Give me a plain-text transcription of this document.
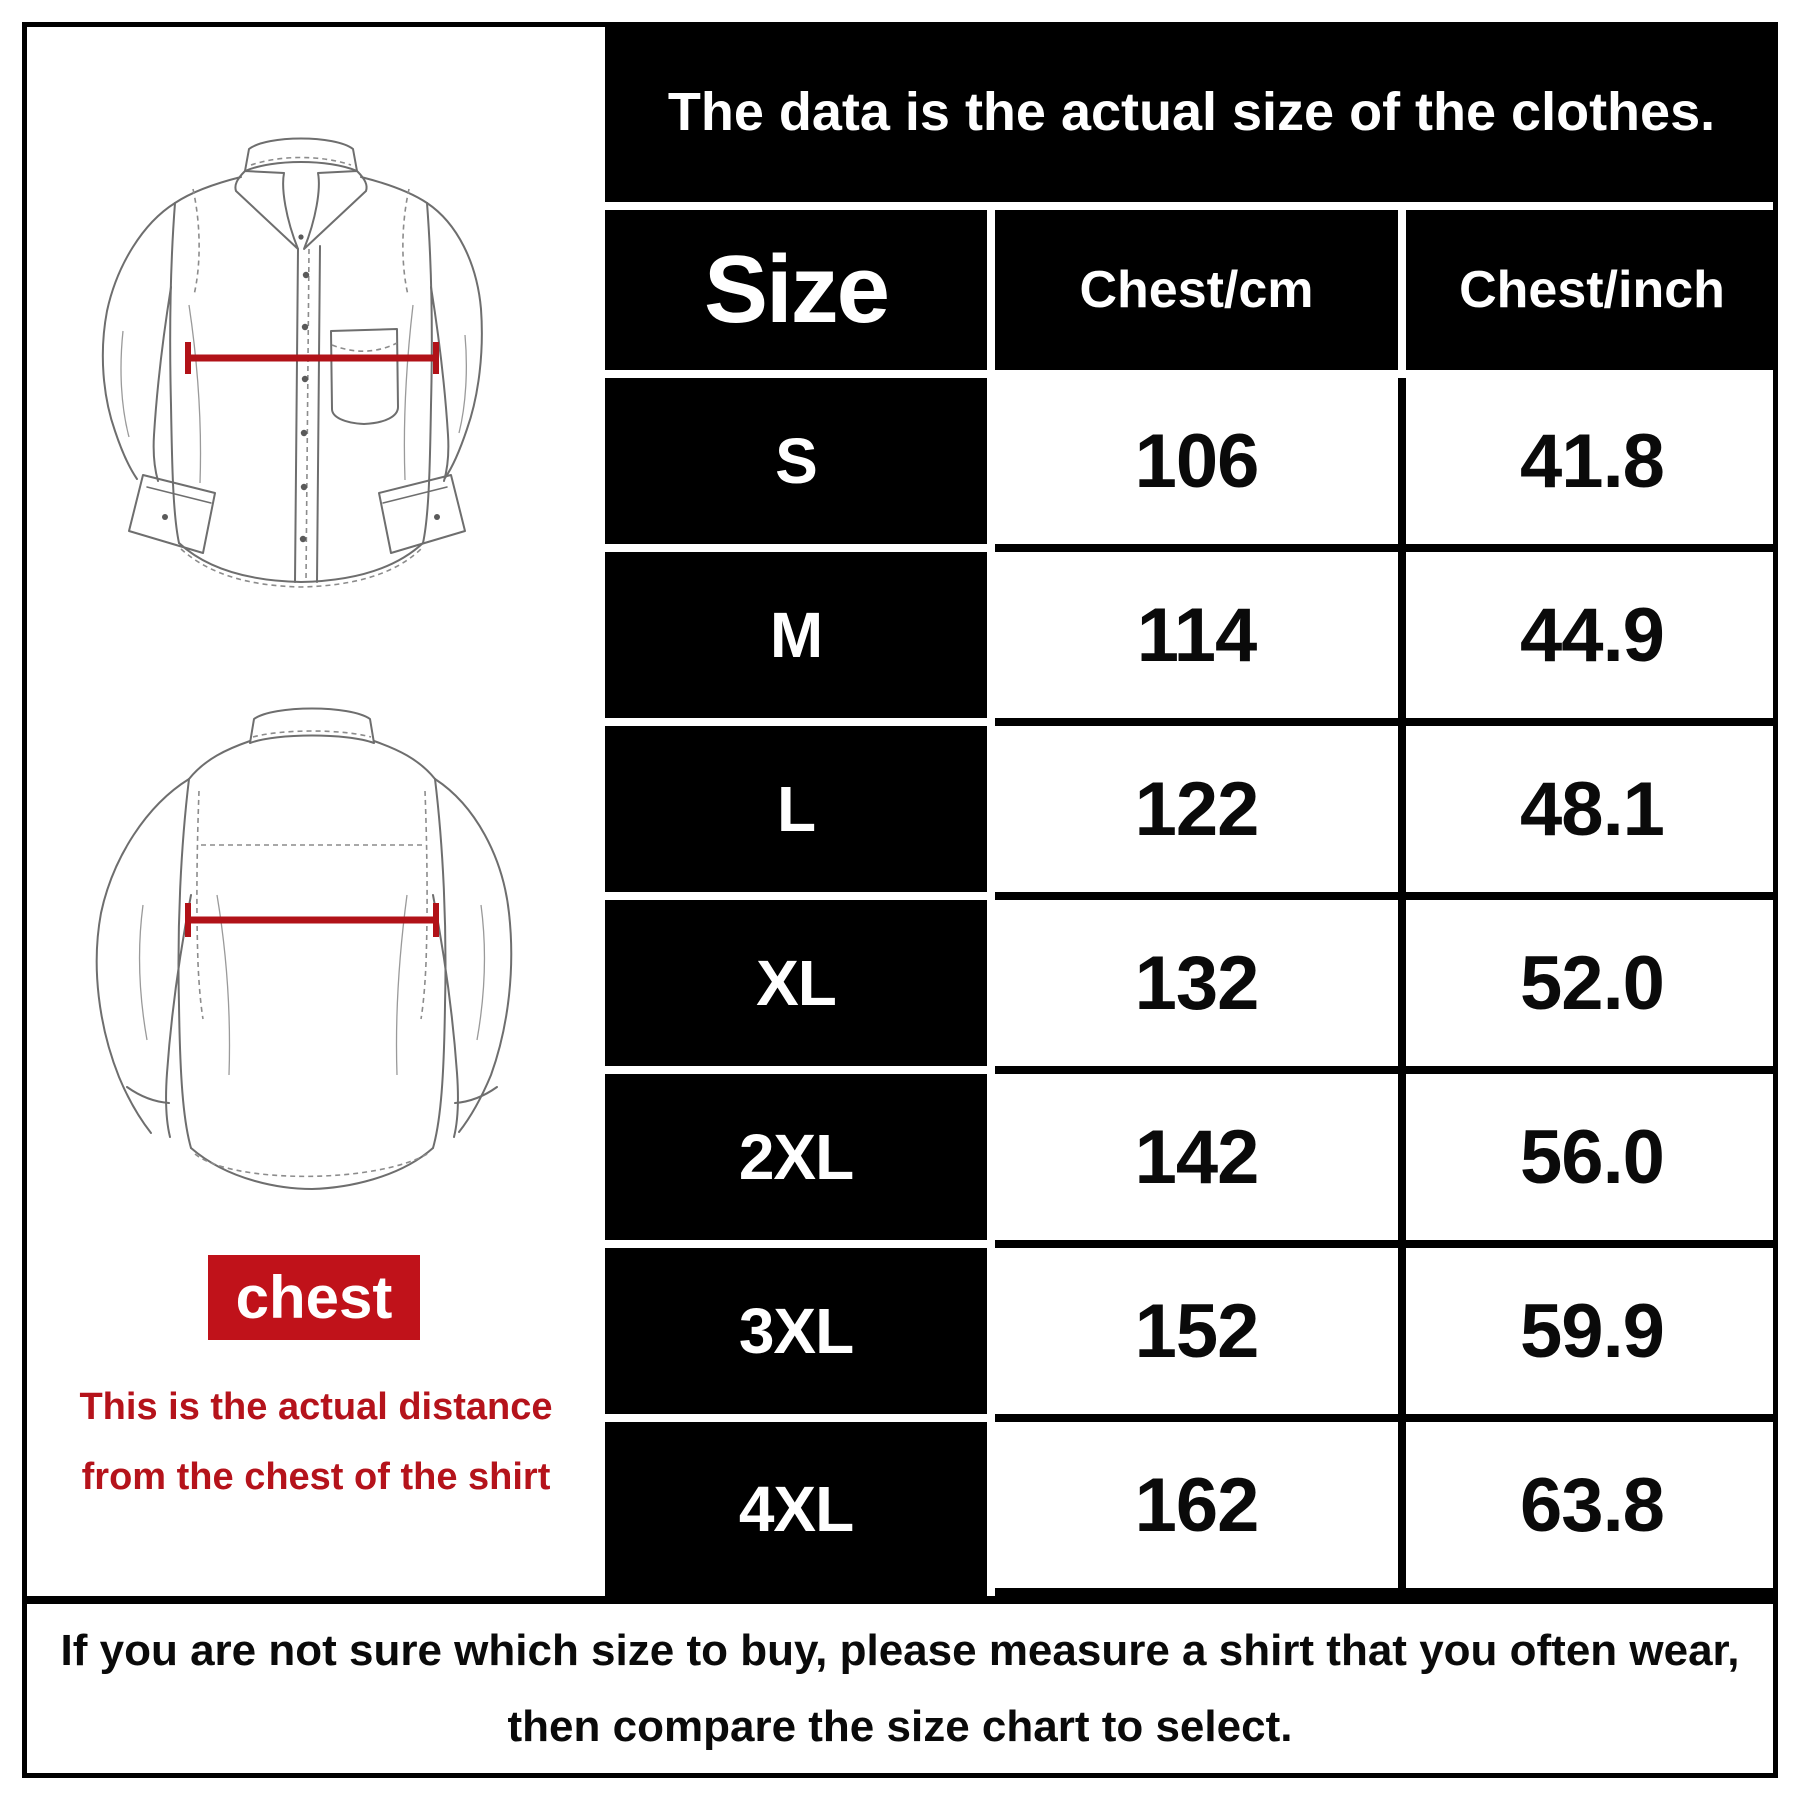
chest
This is the actual distance
from the chest of the shirt
The data is the actual size of the clothes.
Size	Chest/cm	Chest/inch
S	106	41.8
M	114	44.9
L	122	48.1
XL	132	52.0
2XL	142	56.0
3XL	152	59.9
4XL	162	63.8
If you are not sure which size to buy, please measure a shirt that you often wear,
then compare the size chart to select.
